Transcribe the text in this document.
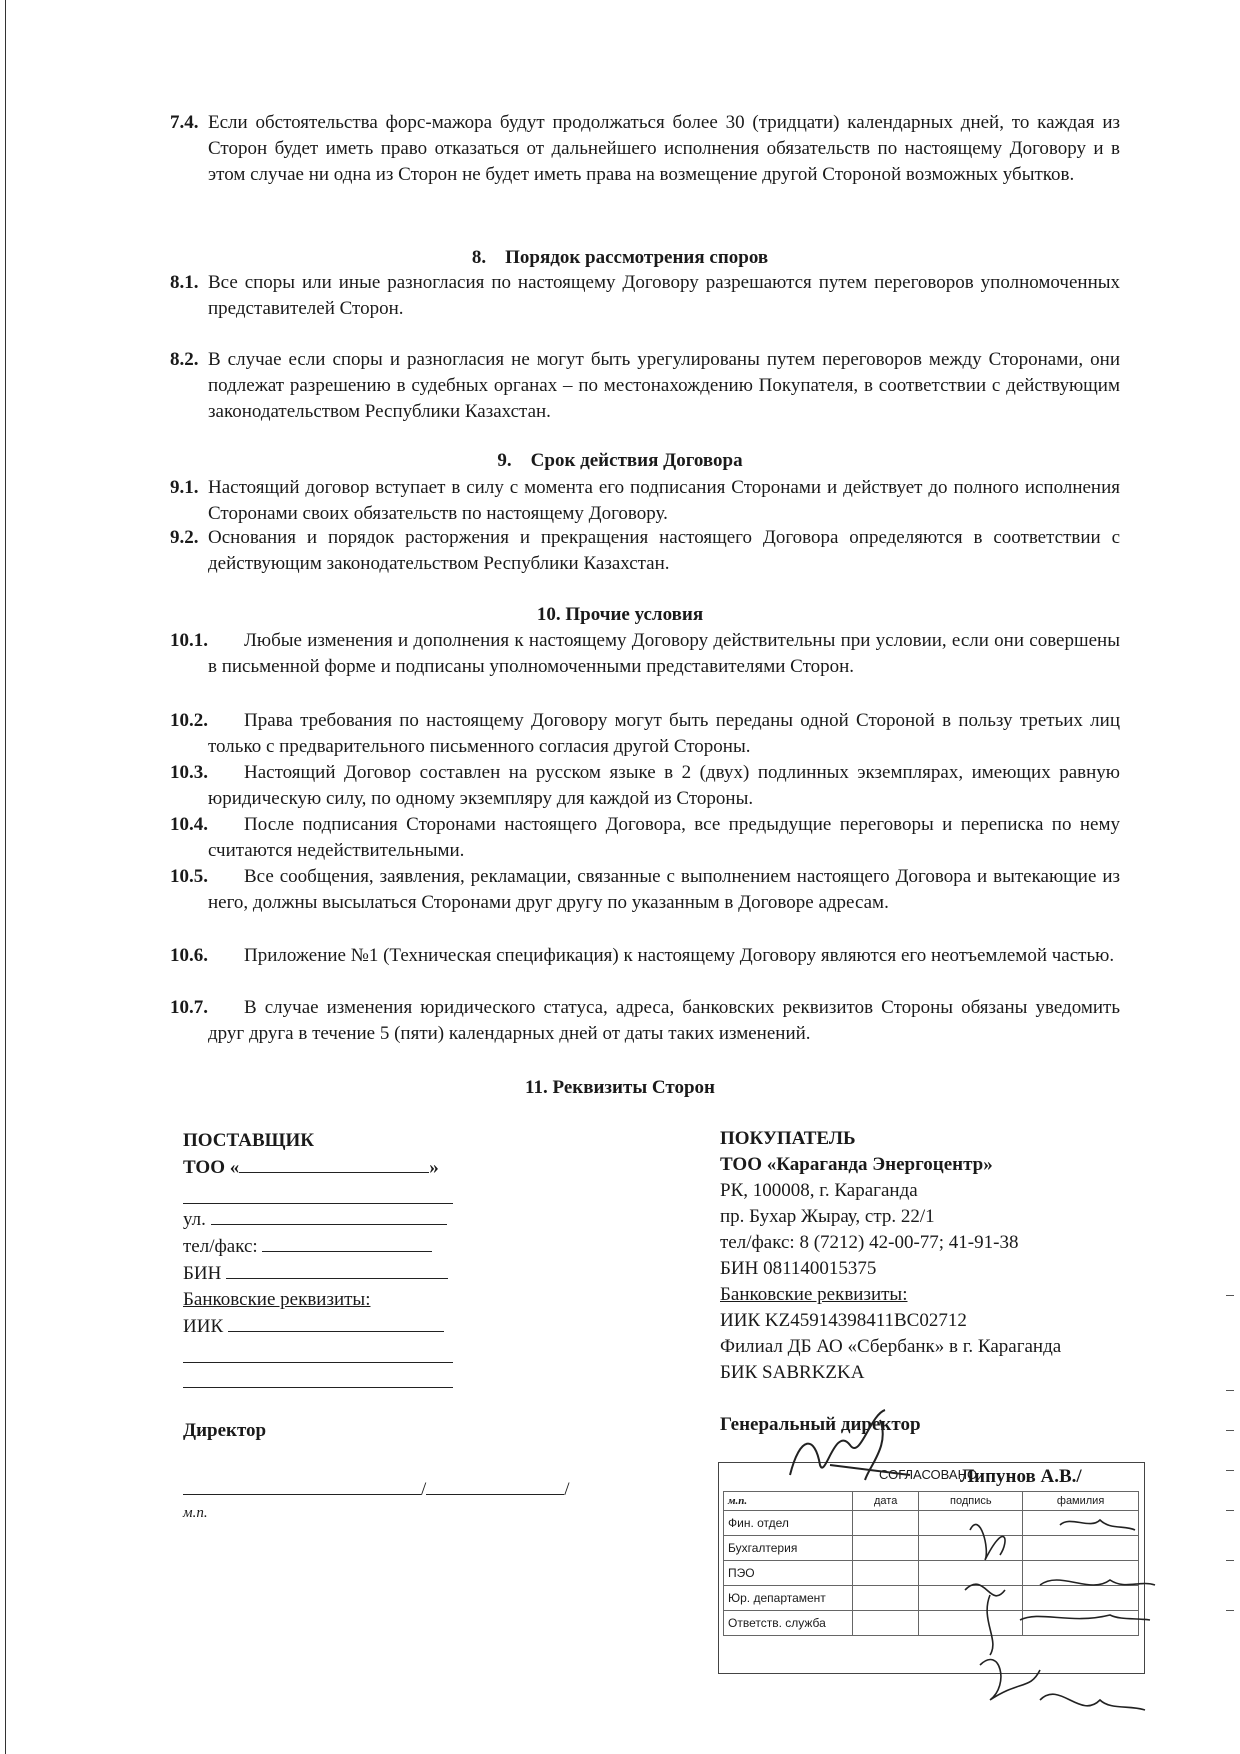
7.4. Если обстоятельства форс-мажора будут продолжаться более 30 (тридцати) календарных дней, то каждая из Сторон будет иметь право отказаться от дальнейшего исполнения обязательств по настоящему Договору и в этом случае ни одна из Сторон не будет иметь права на возмещение другой Стороной возможных убытков.
8. Порядок рассмотрения споров
8.1. Все споры или иные разногласия по настоящему Договору разрешаются путем переговоров уполномоченных представителей Сторон.
8.2. В случае если споры и разногласия не могут быть урегулированы путем переговоров между Сторонами, они подлежат разрешению в судебных органах – по местонахождению Покупателя, в соответствии с действующим законодательством Республики Казахстан.
9. Срок действия Договора
9.1. Настоящий договор вступает в силу с момента его подписания Сторонами и действует до полного исполнения Сторонами своих обязательств по настоящему Договору.
9.2. Основания и порядок расторжения и прекращения настоящего Договора определяются в соответствии с действующим законодательством Республики Казахстан.
10. Прочие условия
10.1.	Любые изменения и дополнения к настоящему Договору действительны при условии, если они совершены в письменной форме и подписаны уполномоченными представителями Сторон.
10.2.	Права требования по настоящему Договору могут быть переданы одной Стороной в пользу третьих лиц только с предварительного письменного согласия другой Стороны.
10.3.	Настоящий Договор составлен на русском языке в 2 (двух) подлинных экземплярах, имеющих равную юридическую силу, по одному экземпляру для каждой из Стороны.
10.4.	После подписания Сторонами настоящего Договора, все предыдущие переговоры и переписка по нему считаются недействительными.
10.5.	Все сообщения, заявления, рекламации, связанные с выполнением настоящего Договора и вытекающие из него, должны высылаться Сторонами друг другу по указанным в Договоре адресам.
10.6.	Приложение №1 (Техническая спецификация) к настоящему Договору являются его неотъемлемой частью.
10.7.	В случае изменения юридического статуса, адреса, банковских реквизитов Стороны обязаны уведомить друг друга в течение 5 (пяти) календарных дней от даты таких изменений.
11. Реквизиты Сторон
ПОСТАВЩИК
ТОО «	»
ул.
тел/факс:
БИН
Банковские реквизиты:
ИИК
Директор
/	/
м.п.
ПОКУПАТЕЛЬ
ТОО «Караганда Энергоцентр»
РК, 100008, г. Караганда
пр. Бухар Жырау, стр. 22/1
тел/факс: 8 (7212) 42-00-77; 41-91-38
БИН 081140015375
Банковские реквизиты:
ИИК KZ45914398411BC02712
Филиал ДБ АО «Сбербанк» в г. Караганда
БИК SABRKZKA
Генеральный директор
СОГЛАСОВАНО
м.п.	дата	подпись	фамилия
Фин. отдел			
Бухгалтерия			
ПЭО			
Юр. департамент			
Ответств. служба			
Липунов А.В./
